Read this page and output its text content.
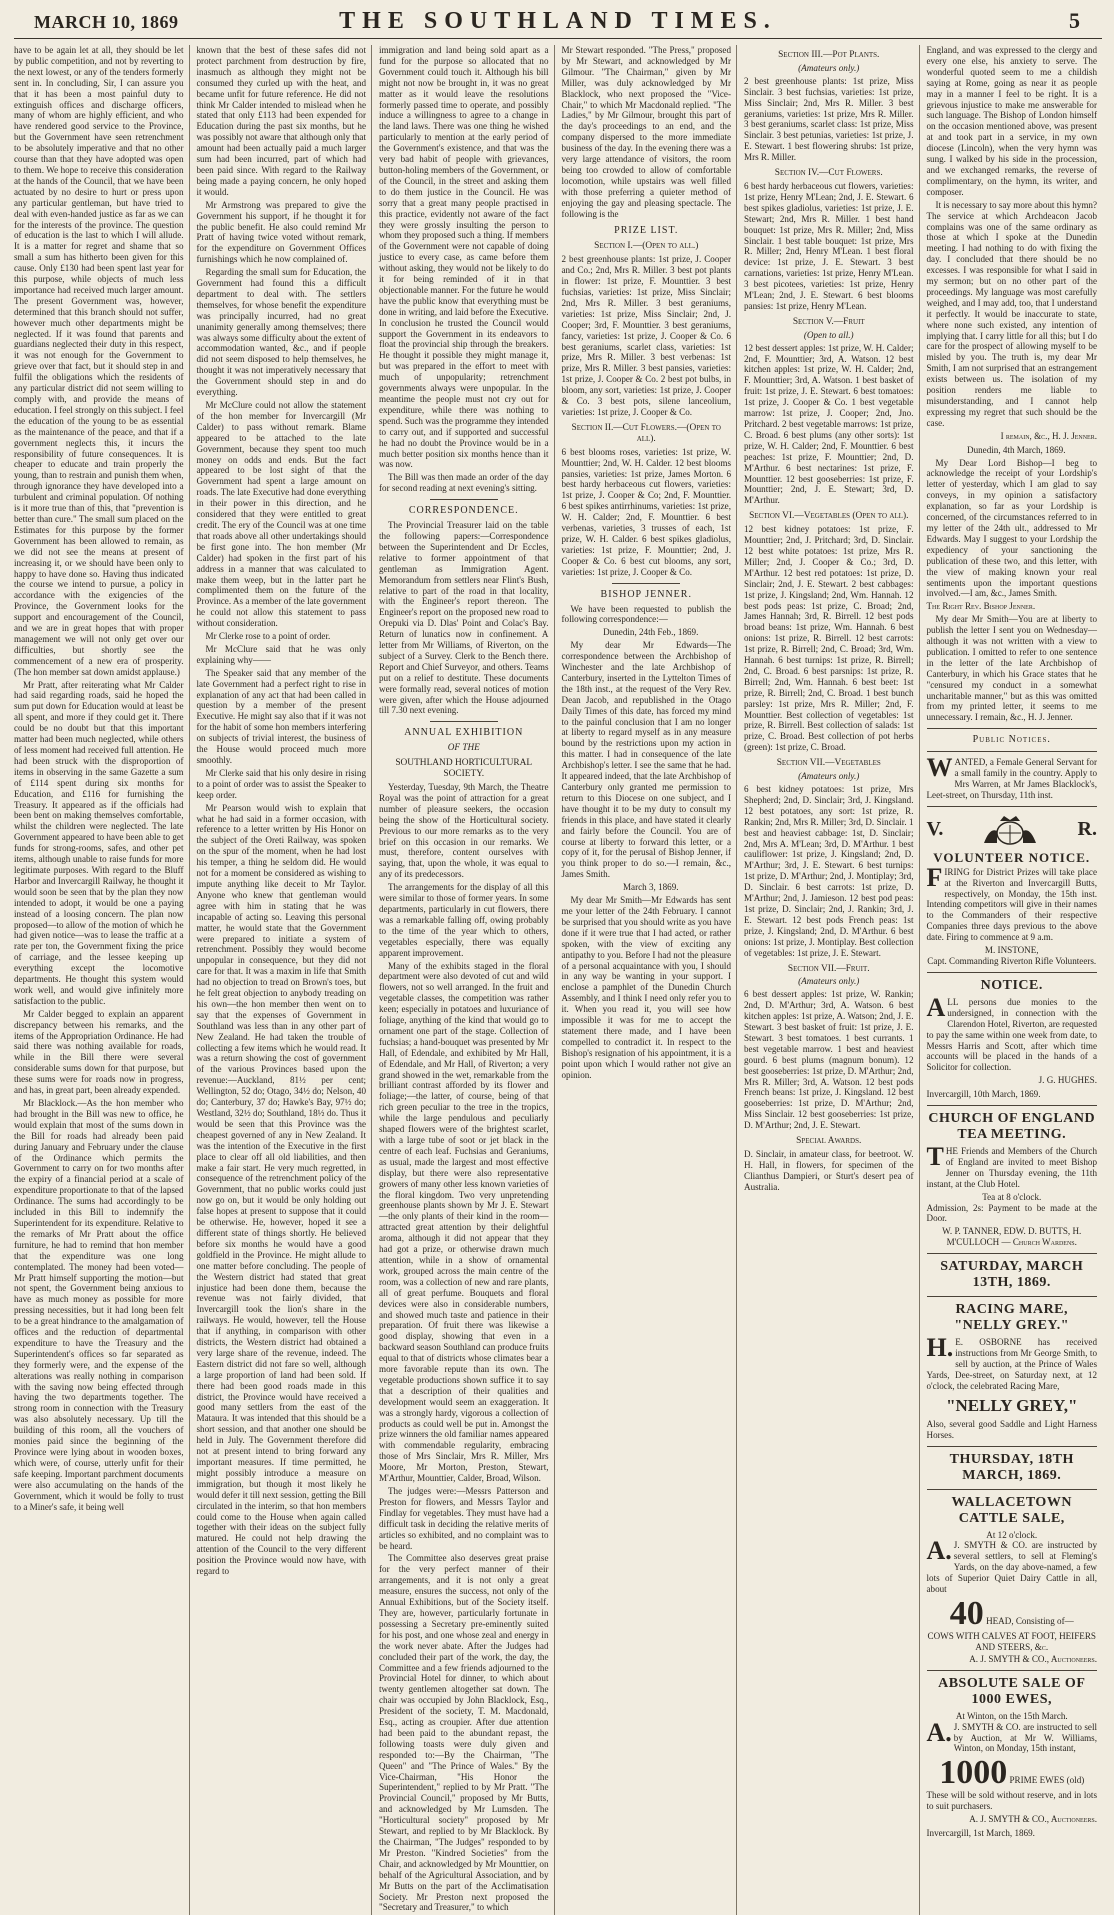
MARCH 10, 1869	THE SOUTHLAND TIMES.	5

have to be again let at all, they should be let by public competition, and not by reverting to the next lowest, or any of the tenders formerly sent in. In concluding, Sir, I can assure you that it has been a most painful duty to extinguish offices and discharge officers, many of whom are highly efficient, and who have rendered good service to the Province, but the Government have seen retrenchment to be absolutely imperative and that no other course than that they have adopted was open to them. We hope to receive this consideration at the hands of the Council, that we have been actuated by no desire to hurt or press upon any particular gentleman, but have tried to deal with even-handed justice as far as we can for the interests of the province. The question of education is the last to which I will allude. It is a matter for regret and shame that so small a sum has hitherto been given for this cause. Only £130 had been spent last year for this purpose, while objects of much less importance had received much larger amount. The present Government was, however, determined that this branch should not suffer, however much other departments might be neglected. If it was found that parents and guardians neglected their duty in this respect, it was not enough for the Government to grieve over that fact, but it should step in and fulfil the obligations which the residents of any particular district did not seem willing to comply with, and provide the means of education. I feel strongly on this subject. I feel the education of the young to be as essential as the maintenance of the peace, and that if a government neglects this, it incurs the responsibility of future consequences. It is cheaper to educate and train properly the young, than to restrain and punish them when, through ignorance they have developed into a turbulent and criminal population. Of nothing is it more true than of this, that "prevention is better than cure." The small sum placed on the Estimates for this purpose by the former Government has been allowed to remain, as we did not see the means at present of increasing it, or we should have been only to happy to have done so. Having thus indicated the course we intend to pursue, a policy in accordance with the exigencies of the Province, the Government looks for the support and encouragement of the Council, and we are in great hopes that with proper management we will not only get over our difficulties, but shortly see the commencement of a new era of prosperity. (The hon member sat down amidst applause.)

Mr Pratt, after reiterating what Mr Calder had said regarding roads, said he hoped the sum put down for Education would at least be all spent, and more if they could get it. There could be no doubt but that this important matter had been much neglected, while others of less moment had received full attention. He had been struck with the disproportion of items in observing in the same Gazette a sum of £114 spent during six months for Education, and £116 for furnishing the Treasury. It appeared as if the officials had been bent on making themselves comfortable, whilst the children were neglected. The late Government appeared to have been able to get funds for strong-rooms, safes, and other pet items, although unable to raise funds for more legitimate purposes. With regard to the Bluff Harbor and Invercargill Railway, he thought it would soon be seen that by the plan they now intended to adopt, it would be one a paying instead of a loosing concern. The plan now proposed—to allow of the motion of which he had given notice—was to lease the traffic at a rate per ton, the Government fixing the price of carriage, and the lessee keeping up everything except the locomotive departments. He thought this system would work well, and would give infinitely more satisfaction to the public.

Mr Calder begged to explain an apparent discrepancy between his remarks, and the items of the Appropriation Ordinance. He had said there was nothing available for roads, while in the Bill there were several considerable sums down for that purpose, but these sums were for roads now in progress, and has, in great part, been already expended.

Mr Blacklock.—As the hon member who had brought in the Bill was new to office, he would explain that most of the sums down in the Bill for roads had already been paid during January and February under the clause of the Ordinance which permits the Government to carry on for two months after the expiry of a financial period at a scale of expenditure proportionate to that of the lapsed Ordinance. The sums had accordingly to be included in this Bill to indemnify the Superintendent for its expenditure. Relative to the remarks of Mr Pratt about the office furniture, he had to remind that hon member that the expenditure was one long contemplated. The money had been voted—Mr Pratt himself supporting the motion—but not spent, the Government being anxious to have as much money as possible for more pressing necessities, but it had long been felt to be a great hindrance to the amalgamation of offices and the reduction of departmental expenditure to have the Treasury and the Superintendent's offices so far separated as they formerly were, and the expense of the alterations was really nothing in comparison with the saving now being effected through having the two departments together. The strong room in connection with the Treasury was also absolutely necessary. Up till the building of this room, all the vouchers of monies paid since the beginning of the Province were lying about in wooden boxes, which were, of course, utterly unfit for their safe keeping. Important parchment documents were also accumulating on the hands of the Government, which it would be folly to trust to a Miner's safe, it being well

known that the best of these safes did not protect parchment from destruction by fire, inasmuch as although they might not be consumed they curled up with the heat, and became unfit for future reference. He did not think Mr Calder intended to mislead when he stated that only £113 had been expended for Education during the past six months, but he was possibly not aware that although only that amount had been actually paid a much larger sum had been incurred, part of which had been paid since. With regard to the Railway being made a paying concern, he only hoped it would.

Mr Armstrong was prepared to give the Government his support, if he thought it for the public benefit. He also could remind Mr Pratt of having twice voted without remark, for the expenditure on Government Offices furnishings which he now complained of.

Regarding the small sum for Education, the Government had found this a difficult department to deal with. The settlers themselves, for whose benefit the expenditure was principally incurred, had no great unanimity generally among themselves; there was always some difficulty about the extent of accommodation wanted, &c., and if people did not seem disposed to help themselves, he thought it was not imperatively necessary that the Government should step in and do everything.

Mr McClure could not allow the statement of the hon member for Invercargill (Mr Calder) to pass without remark. Blame appeared to be attached to the late Government, because they spent too much money on odds and ends. But the fact appeared to be lost sight of that the Government had spent a large amount on roads. The late Executive had done everything in their power in this direction, and he considered that they were entitled to great credit. The ery of the Council was at one time that roads above all other undertakings should be first gone into. The hon member (Mr Calder) had spoken in the first part of his address in a manner that was calculated to make them weep, but in the latter part he complimented them on the future of the Province. As a member of the late government he could not allow this statement to pass without consideration.

Mr Clerke rose to a point of order.

Mr McClure said that he was only explaining why——

The Speaker said that any member of the late Government had a perfect right to rise in explanation of any act that had been called in question by a member of the present Executive. He might say also that if it was not for the habit of some hon members interfering on subjects of trivial interest, the business of the House would proceed much more smoothly.

Mr Clerke said that his only desire in rising to a point of order was to assist the Speaker to keep order.

Mr Pearson would wish to explain that what he had said in a former occasion, with reference to a letter written by His Honor on the subject of the Oreti Railway, was spoken on the spur of the moment, when he had lost his temper, a thing he seldom did. He would not for a moment be considered as wishing to impute anything like deceit to Mr Taylor. Anyone who knew that gentleman would agree with him in stating that he was incapable of acting so. Leaving this personal matter, he would state that the Government were prepared to initiate a system of retrenchment. Possibly they would become unpopular in consequence, but they did not care for that. It was a maxim in life that Smith had no objection to tread on Brown's toes, but he felt great objection to anybody treading on his own—the hon member then went on to say that the expenses of Government in Southland was less than in any other part of New Zealand. He had taken the trouble of collecting a few items which he would read. It was a return showing the cost of government of the various Provinces based upon the revenue:—Auckland, 81½ per cent; Wellington, 52 do; Otago, 34½ do; Nelson, 40 do; Canterbury, 37 do; Hawke's Bay, 97½ do; Westland, 32½ do; Southland, 18½ do. Thus it would be seen that this Province was the cheapest governed of any in New Zealand. It was the intention of the Executive in the first place to clear off all old liabilities, and then make a fair start. He very much regretted, in consequence of the retrenchment policy of the Government, that no public works could just now go on, but it would be only holding out false hopes at present to suppose that it could be otherwise. He, however, hoped it see a different state of things shortly. He believed before six months he would have a good goldfield in the Province. He might allude to one matter before concluding. The people of the Western district had stated that great injustice had been done them, because the revenue was not fairly divided, that Invercargill took the lion's share in the railways. He would, however, tell the House that if anything, in comparison with other districts, the Western district had obtained a very large share of the revenue, indeed. The Eastern district did not fare so well, although a large proportion of land had been sold. If there had been good roads made in this district, the Province would have received a good many settlers from the east of the Mataura. It was intended that this should be a short session, and that another one should be held in July. The Government therefore did not at present intend to bring forward any important measures. If time permitted, he might possibly introduce a measure on immigration, but though it most likely he would defer it till next session, getting the Bill circulated in the interim, so that hon members could come to the House when again called together with their ideas on the subject fully matured. He could not help drawing the attention of the Council to the very different position the Province would now have, with regard to

immigration and land being sold apart as a fund for the purpose so allocated that no Government could touch it. Although his bill might not now be brought in, it was no great matter as it would leave the resolutions formerly passed time to operate, and possibly induce a willingness to agree to a change in the land laws. There was one thing he wished particularly to mention at the early period of the Government's existence, and that was the very bad habit of people with grievances, button-holing members of the Government, or of the Council, in the street and asking them to do them justice in the Council. He was sorry that a great many people practised in this practice, evidently not aware of the fact they were grossly insulting the person to whom they proposed such a thing. If members of the Government were not capable of doing justice to every case, as came before them without asking, they would not be likely to do it for being reminded of it in that objectionable manner. For the future he would have the public know that everything must be done in writing, and laid before the Executive. In conclusion he trusted the Council would support the Government in its endeavors to float the provincial ship through the breakers. He thought it possible they might manage it, but was prepared in the effort to meet with much of unpopularity; retrenchment governments always were unpopular. In the meantime the people must not cry out for expenditure, while there was nothing to spend. Such was the programme they intended to carry out, and if supported and successful he had no doubt the Province would be in a much better position six months hence than it was now.

The Bill was then made an order of the day for second reading at next evening's sitting.

CORRESPONDENCE.

The Provincial Treasurer laid on the table the following papers:—Correspondence between the Superintendent and Dr Eccles, relative to former appointment of that gentleman as Immigration Agent. Memorandum from settlers near Flint's Bush, relative to part of the road in that locality, with the Engineer's report thereon. The Engineer's report on the proposed new road to Orepuki via D. Dlas' Point and Colac's Bay. Return of lunatics now in confinement. A letter from Mr Williams, of Riverton, on the subject of a Survey. Clerk to the Bench there. Report and Chief Surveyor, and others. Teams put on a relief to destitute. These documents were formally read, several notices of motion were given, after which the House adjourned till 7.30 next evening.

ANNUAL EXHIBITION
OF THE
SOUTHLAND HORTICULTURAL SOCIETY.

Yesterday, Tuesday, 9th March, the Theatre Royal was the point of attraction for a great number of pleasure seekers, the occasion being the show of the Horticultural society. Previous to our more remarks as to the very brief on this occasion in our remarks. We must, therefore, content ourselves with saying, that, upon the whole, it was equal to any of its predecessors.

The arrangements for the display of all this were similar to those of former years. In some departments, particularly in cut flowers, there was a remarkable falling off, owing probably to the time of the year which to others, vegetables especially, there was equally apparent improvement.

Many of the exhibits staged in the floral department were also devoted of cut and wild flowers, not so well arranged. In the fruit and vegetable classes, the competition was rather keen; especially in potatoes and luxuriance of foliage, anything of the kind that would go to ornament one part of the stage. Collection of fuchsias; a hand-bouquet was presented by Mr Hall, of Edendale, and exhibited by Mr Hall, of Edendale, and Mr Hall, of Riverton; a very grand showed in the wet, remarkable from the brilliant contrast afforded by its flower and foliage;—the latter, of course, being of that rich green peculiar to the tree in the tropics, while the large pendulous and peculiarly shaped flowers were of the brightest scarlet, with a large tube of soot or jet black in the centre of each leaf. Fuchsias and Geraniums, as usual, made the largest and most effective display, but there were also representative growers of many other less known varieties of the floral kingdom. Two very unpretending greenhouse plants shown by Mr J. E. Stewart—the only plants of their kind in the room—attracted great attention by their delightful aroma, although it did not appear that they had got a prize, or otherwise drawn much attention, while in a show of ornamental work, grouped across the main centre of the room, was a collection of new and rare plants, all of great perfume. Bouquets and floral devices were also in considerable numbers, and showed much taste and patience in their preparation. Of fruit there was likewise a good display, showing that even in a backward season Southland can produce fruits equal to that of districts whose climates bear a more favorable repute than its own. The vegetable productions shown suffice it to say that a description of their qualities and development would seem an exaggeration. It was a strongly hardy, vigorous a collection of products as could well be put in. Amongst the prize winners the old familiar names appeared with commendable regularity, embracing those of Mrs Sinclair, Mrs R. Miller, Mrs Moore, Mr Morton, Preston, Stewart, M'Arthur, Mounttier, Calder, Broad, Wilson.

The judges were:—Messrs Patterson and Preston for flowers, and Messrs Taylor and Findlay for vegetables. They must have had a difficult task in deciding the relative merits of articles so exhibited, and no complaint was to be heard.

The Committee also deserves great praise for the very perfect manner of their arrangements, and it is not only a great measure, ensures the success, not only of the Annual Exhibitions, but of the Society itself. They are, however, particularly fortunate in possessing a Secretary pre-eminently suited for his post, and one whose zeal and energy in the work never abate. After the Judges had concluded their part of the work, the day, the Committee and a few friends adjourned to the Provincial Hotel for dinner, to which about twenty gentlemen altogether sat down. The chair was occupied by John Blacklock, Esq., President of the society, T. M. Macdonald, Esq., acting as croupier. After due attention had been paid to the abundant repast, the following toasts were duly given and responded to:—By the Chairman, "The Queen" and "The Prince of Wales." By the Vice-Chairman, "His Honor the Superintendent," replied to by Mr Pratt. "The Provincial Council," proposed by Mr Butts, and acknowledged by Mr Lumsden. The "Horticultural society" proposed by Mr Stewart, and replied to by Mr Blacklock. By the Chairman, "The Judges" responded to by Mr Preston. "Kindred Societies" from the Chair, and acknowledged by Mr Mounttier, on behalf of the Agricultural Association, and by Mr Butts on the part of the Acclimatisation Society. Mr Preston next proposed the "Secretary and Treasurer," to which

Mr Stewart responded. "The Press," proposed by Mr Stewart, and acknowledged by Mr Gilmour. "The Chairman," given by Mr Miller, was duly acknowledged by Mr Blacklock, who next proposed the "Vice-Chair," to which Mr Macdonald replied. "The Ladies," by Mr Gilmour, brought this part of the day's proceedings to an end, and the company dispersed to the more immediate business of the day. In the evening there was a very large attendance of visitors, the room being too crowded to allow of comfortable locomotion, while upstairs was well filled with those preferring a quieter method of enjoying the gay and pleasing spectacle. The following is the

PRIZE LIST.
Section I.—(Open to all.)

2 best greenhouse plants: 1st prize, J. Cooper and Co.; 2nd, Mrs R. Miller. 3 best pot plants in flower: 1st prize, F. Mounttier. 3 best fuchsias, varieties: 1st prize, Miss Sinclair; 2nd, Mrs R. Miller. 3 best geraniums, varieties: 1st prize, Miss Sinclair; 2nd, J. Cooper; 3rd, F. Mounttier. 3 best geraniums, fancy, varieties: 1st prize, J. Cooper & Co. 6 best geraniums, scarlet class, varieties: 1st prize, Mrs R. Miller. 3 best verbenas: 1st prize, Mrs R. Miller. 3 best pansies, varieties: 1st prize, J. Cooper & Co. 2 best pot bulbs, in bloom, any sort, varieties: 1st prize, J. Cooper & Co. 3 best pots, silene lanceolium, varieties: 1st prize, J. Cooper & Co.

Section II.—Cut Flowers.—(Open to all).

6 best blooms roses, varieties: 1st prize, W. Mounttier; 2nd, W. H. Calder. 12 best blooms pansies, varieties: 1st prize, James Morton. 6 best hardy herbaceous cut flowers, varieties: 1st prize, J. Cooper & Co; 2nd, F. Mounttier. 6 best spikes antirrhinums, varieties: 1st prize, W. H. Calder; 2nd, F. Mounttier. 6 best verbenas, varieties, 3 trusses of each, 1st prize, W. H. Calder. 6 best spikes gladiolus, varieties: 1st prize, F. Mounttier; 2nd, J. Cooper & Co. 6 best cut blooms, any sort, varieties: 1st prize, J. Cooper & Co.

BISHOP JENNER.

We have been requested to publish the following correspondence:—

Dunedin, 24th Feb., 1869.

My dear Mr Edwards—The correspondence between the Archbishop of Winchester and the late Archbishop of Canterbury, inserted in the Lyttelton Times of the 18th inst., at the request of the Very Rev. Dean Jacob, and republished in the Otago Daily Times of this date, has forced my mind to the painful conclusion that I am no longer at liberty to regard myself as in any measure bound by the restrictions upon my action in this matter. I had in consequence of the late Archbishop's letter. I see the same that he had. It appeared indeed, that the late Archbishop of Canterbury only granted me permission to return to this Diocese on one subject, and I have thought it to be my duty to consult my friends in this place, and have stated it clearly and fairly before the Council. You are of course at liberty to forward this letter, or a copy of it, for the perusal of Bishop Jenner, if you think proper to do so.—I remain, &c., James Smith.

March 3, 1869.

My dear Mr Smith—Mr Edwards has sent me your letter of the 24th February. I cannot be surprised that you should write as you have done if it were true that I had acted, or rather spoken, with the view of exciting any antipathy to you. Before I had not the pleasure of a personal acquaintance with you, I should in any way be wanting in your support. I enclose a pamphlet of the Dunedin Church Assembly, and I think I need only refer you to it. When you read it, you will see how impossible it was for me to accept the statement there made, and I have been compelled to contradict it. In respect to the Bishop's resignation of his appointment, it is a point upon which I would rather not give an opinion.

Section III.—Pot Plants.
(Amateurs only.)

2 best greenhouse plants: 1st prize, Miss Sinclair. 3 best fuchsias, varieties: 1st prize, Miss Sinclair; 2nd, Mrs R. Miller. 3 best geraniums, varieties: 1st prize, Mrs R. Miller. 3 best geraniums, scarlet class: 1st prize, Miss Sinclair. 3 best petunias, varieties: 1st prize, J. E. Stewart. 1 best flowering shrubs: 1st prize, Mrs R. Miller.

Section IV.—Cut Flowers.

6 best hardy herbaceous cut flowers, varieties: 1st prize, Henry M'Lean; 2nd, J. E. Stewart. 6 best spikes gladiolus, varieties: 1st prize, J. E. Stewart; 2nd, Mrs R. Miller. 1 best hand bouquet: 1st prize, Mrs R. Miller; 2nd, Miss Sinclair. 1 best table bouquet: 1st prize, Mrs R. Miller; 2nd, Henry M'Lean. 1 best floral device: 1st prize, J. E. Stewart. 3 best carnations, varieties: 1st prize, Henry M'Lean. 3 best picotees, varieties: 1st prize, Henry M'Lean; 2nd, J. E. Stewart. 6 best blooms pansies: 1st prize, Henry M'Lean.

Section V.—Fruit
(Open to all.)

12 best dessert apples: 1st prize, W. H. Calder; 2nd, F. Mounttier; 3rd, A. Watson. 12 best kitchen apples: 1st prize, W. H. Calder; 2nd, F. Mounttier; 3rd, A. Watson. 1 best basket of fruit: 1st prize, J. E. Stewart. 6 best tomatoes: 1st prize, J. Cooper & Co. 1 best vegetable marrow: 1st prize, J. Cooper; 2nd, Jno. Pritchard. 2 best vegetable marrows: 1st prize, C. Broad. 6 best plums (any other sorts): 1st prize, W. H. Calder; 2nd, F. Mounttier. 6 best peaches: 1st prize, F. Mounttier; 2nd, D. M'Arthur. 6 best nectarines: 1st prize, F. Mounttier. 12 best gooseberries: 1st prize, F. Mounttier; 2nd, J. E. Stewart; 3rd, D. M'Arthur.

Section VI.—Vegetables (Open to all).

12 best kidney potatoes: 1st prize, F. Mounttier; 2nd, J. Pritchard; 3rd, D. Sinclair. 12 best white potatoes: 1st prize, Mrs R. Miller; 2nd, J. Cooper & Co.; 3rd, D. M'Arthur. 12 best red potatoes: 1st prize, D. Sinclair; 2nd, J. E. Stewart. 2 best cabbages: 1st prize, J. Kingsland; 2nd, Wm. Hannah. 12 best pods peas: 1st prize, C. Broad; 2nd, James Hannah; 3rd, R. Birrell. 12 best pods broad beans: 1st prize, Wm. Hannah. 6 best onions: 1st prize, R. Birrell. 12 best carrots: 1st prize, R. Birrell; 2nd, C. Broad; 3rd, Wm. Hannah. 6 best turnips: 1st prize, R. Birrell; 2nd, C. Broad. 6 best parsnips: 1st prize, R. Birrell; 2nd, Wm. Hannah. 6 best beet: 1st prize, R. Birrell; 2nd, C. Broad. 1 best bunch parsley: 1st prize, Mrs R. Miller; 2nd, F. Mounttier. Best collection of vegetables: 1st prize, R. Birrell. Best collection of salads: 1st prize, C. Broad. Best collection of pot herbs (green): 1st prize, C. Broad.

Section VII.—Vegetables
(Amateurs only.)

6 best kidney potatoes: 1st prize, Mrs Shepherd; 2nd, D. Sinclair; 3rd, J. Kingsland. 12 best potatoes, any sort: 1st prize, R. Rankin; 2nd, Mrs R. Miller; 3rd, D. Sinclair. 1 best and heaviest cabbage: 1st, D. Sinclair; 2nd, Mrs A. M'Lean; 3rd, D. M'Arthur. 1 best cauliflower: 1st prize, J. Kingsland; 2nd, D. M'Arthur; 3rd, J. E. Stewart. 6 best turnips: 1st prize, D. M'Arthur; 2nd, J. Montiplay; 3rd, D. Sinclair. 6 best carrots: 1st prize, D. M'Arthur; 2nd, J. Jamieson. 12 best pod peas: 1st prize, D. Sinclair; 2nd, J. Rankin; 3rd, J. E. Stewart. 12 best pods French peas: 1st prize, J. Kingsland; 2nd, D. M'Arthur. 6 best onions: 1st prize, J. Montiplay. Best collection of vegetables: 1st prize, J. E. Stewart.

Section VII.—Fruit.
(Amateurs only.)

6 best dessert apples: 1st prize, W. Rankin; 2nd, D. M'Arthur; 3rd, A. Watson. 6 best kitchen apples: 1st prize, A. Watson; 2nd, J. E. Stewart. 3 best basket of fruit: 1st prize, J. E. Stewart. 3 best tomatoes. 1 best currants. 1 best vegetable marrow. 1 best and heaviest gourd. 6 best plums (magnum bonum). 12 best gooseberries: 1st prize, D. M'Arthur; 2nd, Mrs R. Miller; 3rd, A. Watson. 12 best pods French beans: 1st prize, J. Kingsland. 12 best gooseberries: 1st prize, D. M'Arthur; 2nd, Miss Sinclair. 12 best gooseberries: 1st prize, D. M'Arthur; 2nd, J. E. Stewart.

Special Awards.

D. Sinclair, in amateur class, for beetroot. W. H. Hall, in flowers, for specimen of the Clianthus Dampieri, or Sturt's desert pea of Australia.

England, and was expressed to the clergy and every one else, his anxiety to serve. The wonderful quoted seem to me a childish saying at Rome, going as near it as people may in a manner I feel to be right. It is a grievous injustice to make me answerable for such language. The Bishop of London himself on the occasion mentioned above, was present at and took part in a service, in my own diocese (Lincoln), when the very hymn was sung. I walked by his side in the procession, and we exchanged remarks, the reverse of complimentary, on the hymn, its writer, and composer.

It is necessary to say more about this hymn? The service at which Archdeacon Jacob complains was one of the same ordinary as those at which I spoke at the Dunedin meeting. I had nothing to do with fixing the day. I concluded that there should be no excesses. I was responsible for what I said in my sermon; but on no other part of the proceedings. My language was most carefully weighed, and I may add, too, that I understand it perfectly. It would be inaccurate to state, where none such existed, any intention of implying that. I carry little for all this; but I do care for the prospect of allowing myself to be misled by you. The truth is, my dear Mr Smith, I am not surprised that an estrangement exists between us. The isolation of my position renders me liable to misunderstanding, and I cannot help expressing my regret that such should be the case.

I remain, &c., H. J. Jenner.

Dunedin, 4th March, 1869.

My Dear Lord Bishop—I beg to acknowledge the receipt of your Lordship's letter of yesterday, which I am glad to say conveys, in my opinion a satisfactory explanation, so far as your Lordship is concerned, of the circumstances referred to in my letter of the 24th ult., addressed to Mr Edwards. May I suggest to your Lordship the expediency of your sanctioning the publication of these two, and this letter, with the view of making known your real sentiments upon the important questions involved.—I am, &c., James Smith.

The Right Rev. Bishop Jenner.

My dear Mr Smith—You are at liberty to publish the letter I sent you on Wednesday—although it was not written with a view to publication. I omitted to refer to one sentence in the letter of the late Archbishop of Canterbury, in which his Grace states that he "censured my conduct in a somewhat uncharitable manner," but as this was omitted from my printed letter, it seems to me unnecessary. I remain, &c., H. J. Jenner.

Public Notices.

WANTED, a Female General Servant for a small family in the country. Apply to Mrs Warren, at Mr James Blacklock's, Leet-street, on Thursday, 11th inst.

V.	R.
VOLUNTEER NOTICE.

FIRING for District Prizes will take place at the Riverton and Invercargill Butts, respectively, on Monday, the 15th inst. Intending competitors will give in their names to the Commanders of their respective Companies three days previous to the above date. Firing to commence at 9 a.m.

M. INSTONE,
Capt. Commanding Riverton Rifle Volunteers.
NOTICE.

ALL persons due monies to the undersigned, in connection with the Clarendon Hotel, Riverton, are requested to pay the same within one week from date, to Messrs Harris and Scott, after which time accounts will be placed in the hands of a Solicitor for collection.

J. G. HUGHES.
Invercargill, 10th March, 1869.
CHURCH OF ENGLAND TEA MEETING.

THE Friends and Members of the Church of England are invited to meet Bishop Jenner on Thursday evening, the 11th instant, at the Club Hotel.

Tea at 8 o'clock.

Admission, 2s: Payment to be made at the Door.

W. P. TANNER, EDW. D. BUTTS, H. M'CULLOCH — Church Wardens.
SATURDAY, MARCH 13TH, 1869.
RACING MARE, "NELLY GREY."

H.E. OSBORNE has received instructions from Mr George Smith, to sell by auction, at the Prince of Wales Yards, Dee-street, on Saturday next, at 12 o'clock, the celebrated Racing Mare,

"NELLY GREY,"

Also, several good Saddle and Light Harness Horses.

THURSDAY, 18TH MARCH, 1869.
WALLACETOWN CATTLE SALE,
At 12 o'clock.

A.J. SMYTH & CO. are instructed by several settlers, to sell at Fleming's Yards, on the day above-named, a few lots of Superior Quiet Dairy Cattle in all, about

40 HEAD, Consisting of—
COWS WITH CALVES AT FOOT, HEIFERS AND STEERS, &c.
A. J. SMYTH & CO., Auctioneers.
ABSOLUTE SALE OF 1000 EWES,
At Winton, on the 15th March.

A.J. SMYTH & CO. are instructed to sell by Auction, at Mr W. Williams, Winton, on Monday, 15th instant,

1000 PRIME EWES (old)

These will be sold without reserve, and in lots to suit purchasers.

A. J. SMYTH & CO., Auctioneers.
Invercargill, 1st March, 1869.
